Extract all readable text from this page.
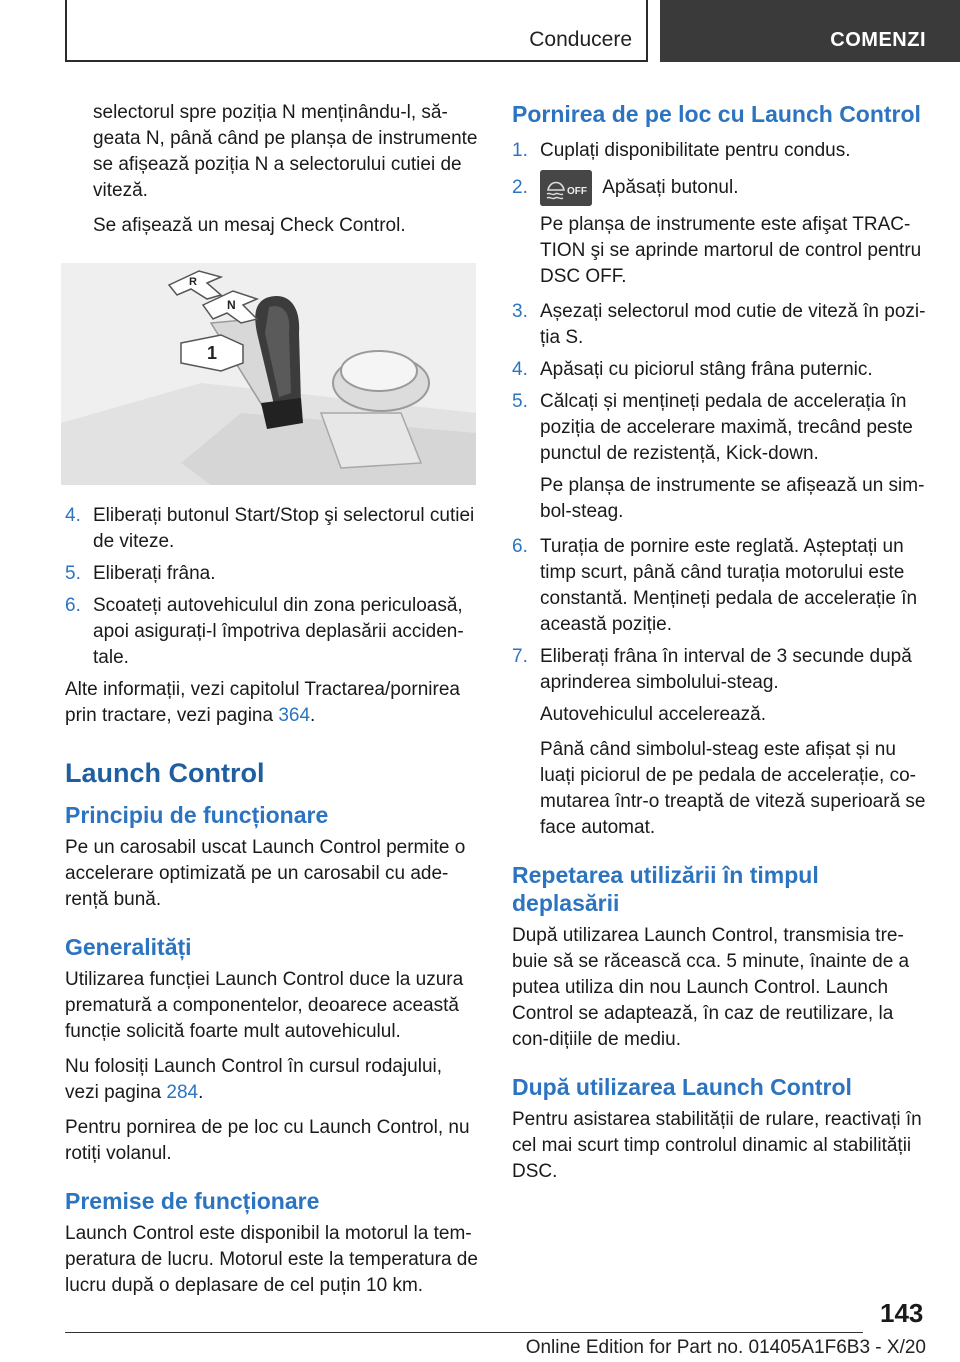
Conducere	COMENZI

selectorul spre poziția N menținându-l, să-geata N, până când pe planșa de instrumente se afișează poziția N a selectorului cutiei de viteză.

Se afișează un mesaj Check Control.

R
N
1
4. Eliberați butonul Start/Stop şi selectorul cutiei de viteze.
5. Eliberați frâna.
6. Scoateți autovehiculul din zona periculoasă, apoi asigurați-l împotriva deplasării acciden-tale.

Alte informații, vezi capitolul Tractarea/pornirea prin tractare, vezi pagina 364.

Launch Control
Principiu de funcționare

Pe un carosabil uscat Launch Control permite o accelerare optimizată pe un carosabil cu ade-rență bună.

Generalități

Utilizarea funcției Launch Control duce la uzura prematură a componentelor, deoarece această funcție solicită foarte mult autovehiculul.

Nu folosiți Launch Control în cursul rodajului, vezi pagina 284.

Pentru pornirea de pe loc cu Launch Control, nu rotiți volanul.

Premise de funcționare

Launch Control este disponibil la motorul la tem-peratura de lucru. Motorul este la temperatura de lucru după o deplasare de cel puțin 10 km.

Pornirea de pe loc cu Launch Control
1. Cuplați disponibilitate pentru condus.
2.	OFF Apăsați butonul.

Pe planșa de instrumente este afişat TRAC-TION şi se aprinde martorul de control pentru DSC OFF.

3. Așezați selectorul mod cutie de viteză în pozi-ția S.
4. Apăsați cu piciorul stâng frâna puternic.
5. Călcați și mențineți pedala de accelerația în poziția de accelerare maximă, trecând peste punctul de rezistență, Kick-down.

Pe planșa de instrumente se afișează un sim-bol-steag.

6. Turația de pornire este reglată. Așteptați un timp scurt, până când turația motorului este constantă. Mențineți pedala de accelerație în această poziție.
7. Eliberați frâna în interval de 3 secunde după aprinderea simbolului-steag.

Autovehiculul accelerează.

Până când simbolul-steag este afișat și nu luați piciorul de pe pedala de accelerație, co-mutarea într-o treaptă de viteză superioară se face automat.

Repetarea utilizării în timpul deplasării

După utilizarea Launch Control, transmisia tre-buie să se răcească cca. 5 minute, înainte de a putea utiliza din nou Launch Control. Launch Control se adaptează, în caz de reutilizare, la con-dițiile de mediu.

După utilizarea Launch Control

Pentru asistarea stabilității de rulare, reactivați în cel mai scurt timp controlul dinamic al stabilității DSC.

143
Online Edition for Part no. 01405A1F6B3 - X/20
